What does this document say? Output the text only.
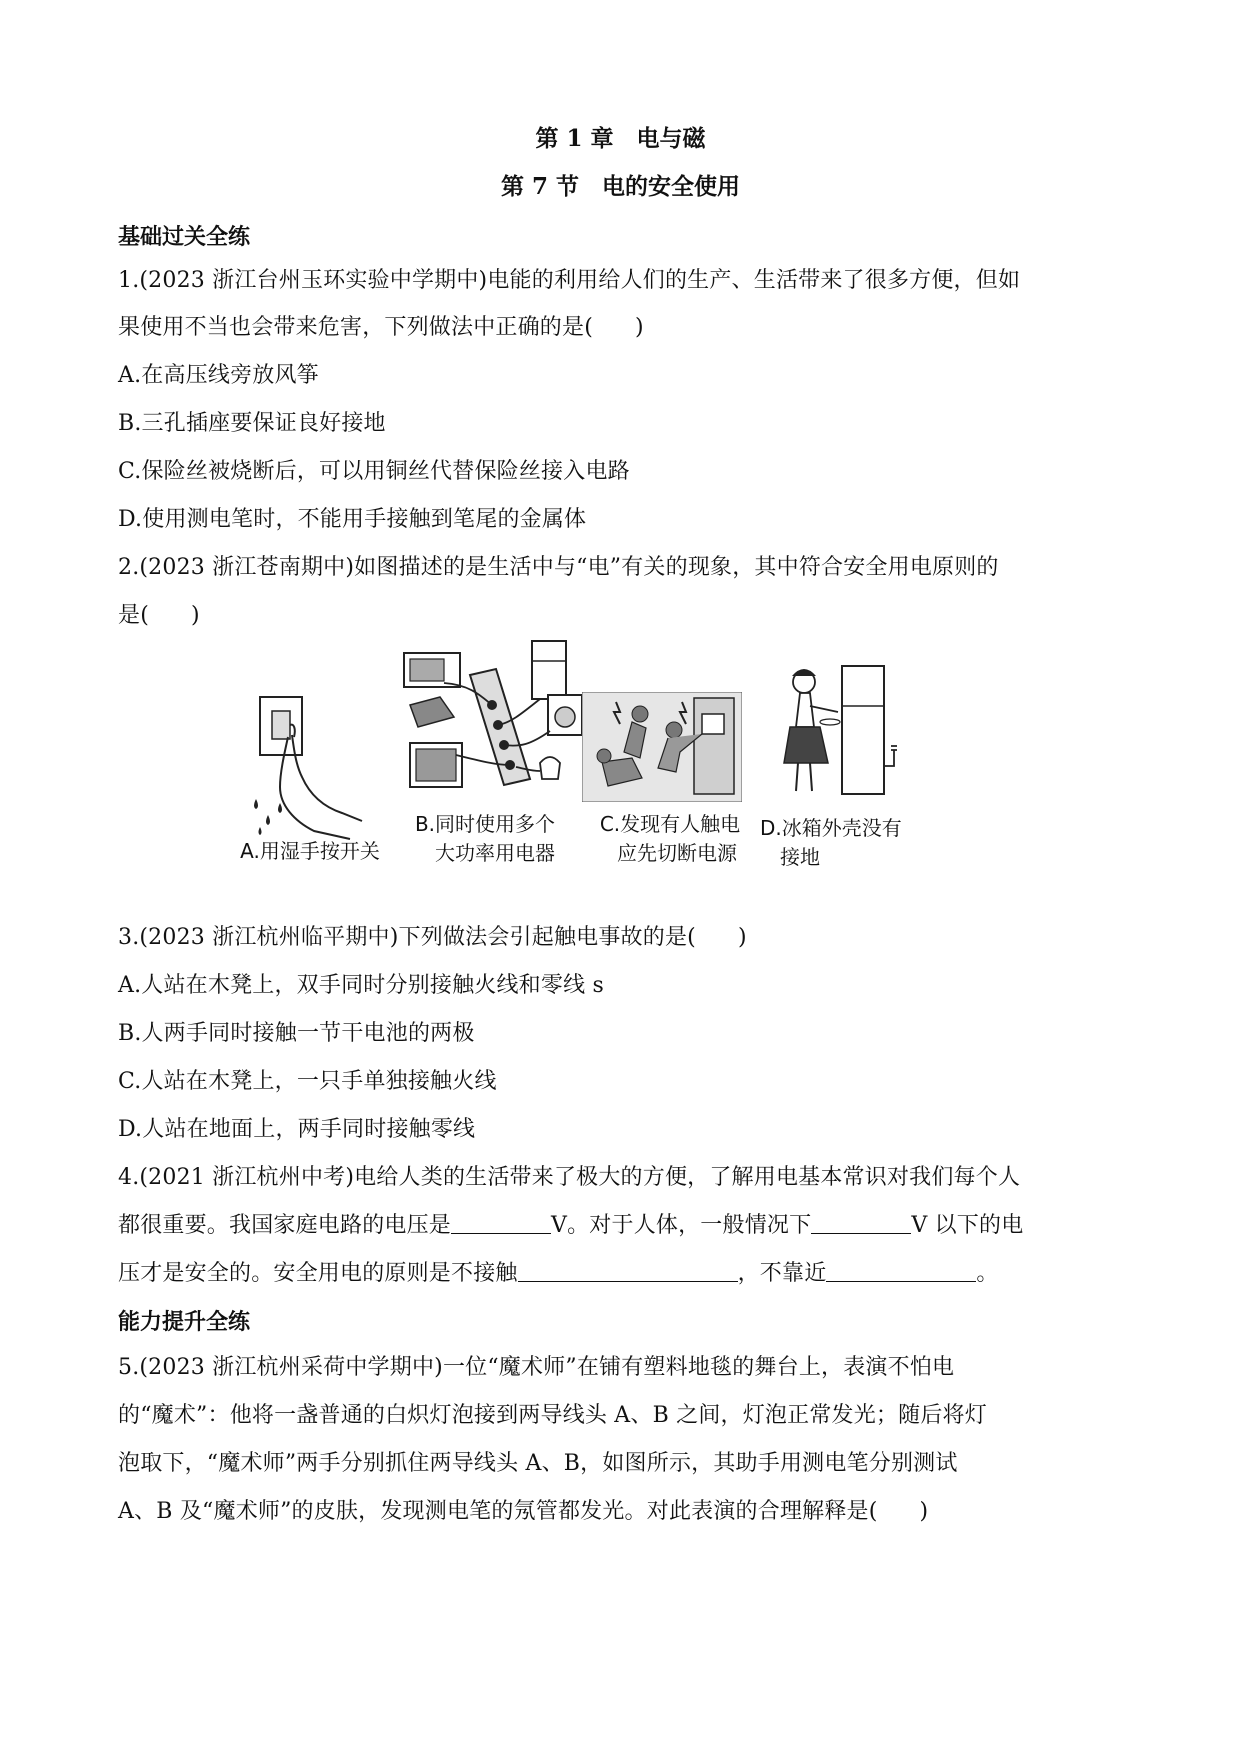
第 1 章　电与磁
第 7 节　电的安全使用
基础过关全练
1.(2023 浙江台州玉环实验中学期中)电能的利用给人们的生产、生活带来了很多方便，但如
果使用不当也会带来危害，下列做法中正确的是( )
A.在高压线旁放风筝
B.三孔插座要保证良好接地
C.保险丝被烧断后，可以用铜丝代替保险丝接入电路
D.使用测电笔时，不能用手接触到笔尾的金属体
2.(2023 浙江苍南期中)如图描述的是生活中与“电”有关的现象，其中符合安全用电原则的
是( )
A.用湿手按开关
B.同时使用多个
大功率用电器
C.发现有人触电
应先切断电源
D.冰箱外壳没有
接地
3.(2023 浙江杭州临平期中)下列做法会引起触电事故的是( )
A.人站在木凳上，双手同时分别接触火线和零线 s
B.人两手同时接触一节干电池的两极
C.人站在木凳上，一只手单独接触火线
D.人站在地面上，两手同时接触零线
4.(2021 浙江杭州中考)电给人类的生活带来了极大的方便，了解用电基本常识对我们每个人
都很重要。我国家庭电路的电压是	V。对于人体，一般情况下	V 以下的电
压才是安全的。安全用电的原则是不接触	，不靠近	。
能力提升全练
5.(2023 浙江杭州采荷中学期中)一位“魔术师”在铺有塑料地毯的舞台上，表演不怕电
的“魔术”：他将一盏普通的白炽灯泡接到两导线头 A、B 之间，灯泡正常发光；随后将灯
泡取下，“魔术师”两手分别抓住两导线头 A、B，如图所示，其助手用测电笔分别测试
A、B 及“魔术师”的皮肤，发现测电笔的氖管都发光。对此表演的合理解释是( )
